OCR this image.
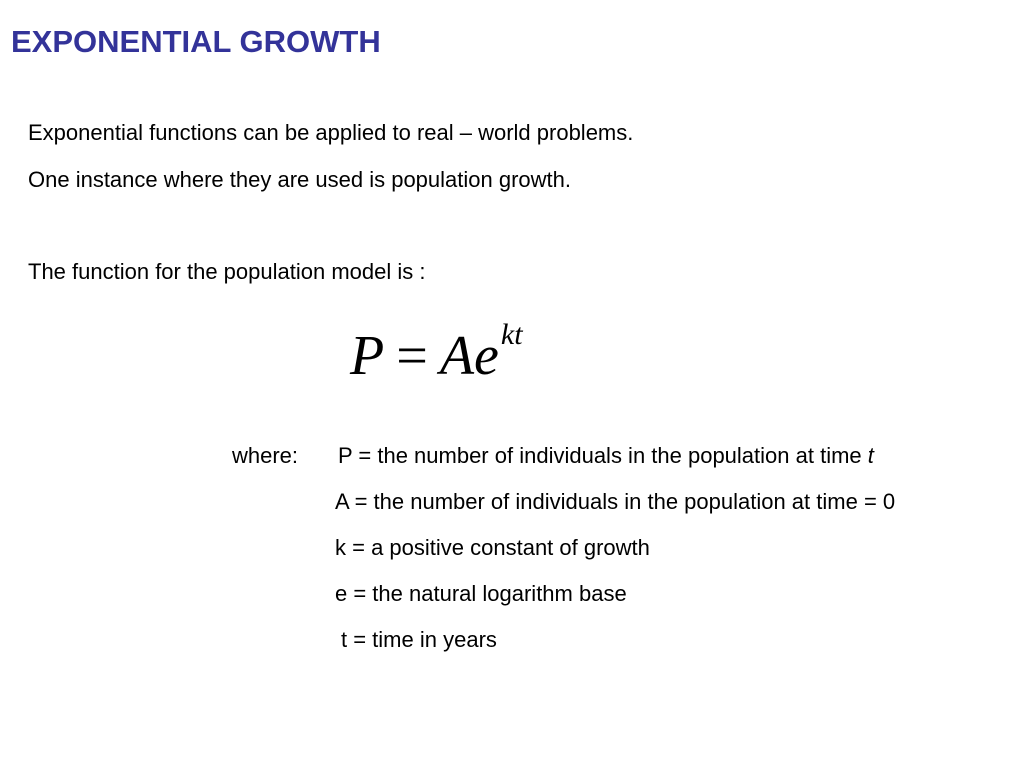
EXPONENTIAL GROWTH
Exponential functions can be applied to real – world problems.
One instance where they are used is population growth.
The function for the population model is :
$P = Ae^{kt}$
where: P = the number of individuals in the population at time t
A = the number of individuals in the population at time = 0
k = a positive constant of growth
e = the natural logarithm base
t = time in years
